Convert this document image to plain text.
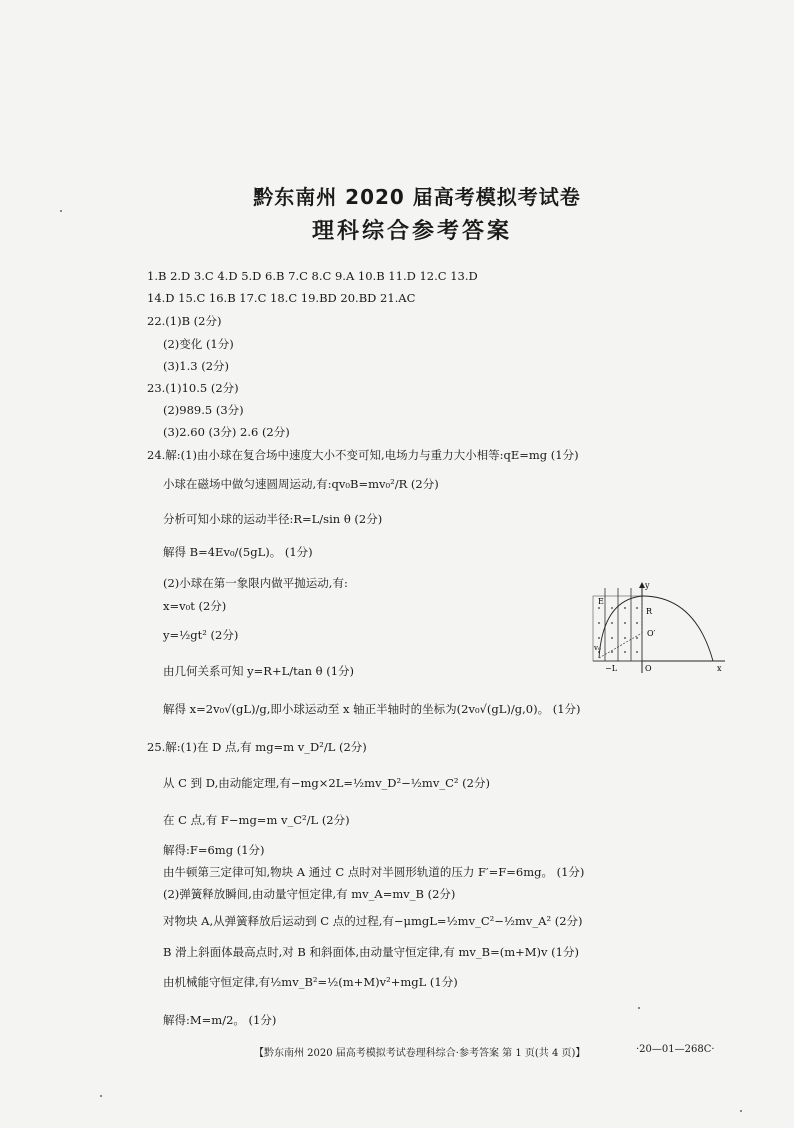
黔东南州 2020 届高考模拟考试卷
理科综合参考答案
1.B 2.D 3.C 4.D 5.D 6.B 7.C 8.C 9.A 10.B 11.D 12.C 13.D
14.D 15.C 16.B 17.C 18.C 19.BD 20.BD 21.AC
22.(1)B (2分)
(2)变化 (1分)
(3)1.3 (2分)
23.(1)10.5 (2分)
(2)989.5 (3分)
(3)2.60 (3分) 2.6 (2分)
24.解:(1)由小球在复合场中速度大小不变可知,电场力与重力大小相等:qE=mg (1分)
小球在磁场中做匀速圆周运动,有:qv₀B=mv₀²/R (2分)
分析可知小球的运动半径:R=L/sin θ (2分)
解得 B=4Ev₀/(5gL)。 (1分)
(2)小球在第一象限内做平抛运动,有:
x=v₀t (2分)
y=½gt² (2分)
由几何关系可知 y=R+L/tan θ (1分)
解得 x=2v₀√(gL)/g,即小球运动至 x 轴正半轴时的坐标为(2v₀√(gL)/g,0)。 (1分)
25.解:(1)在 D 点,有 mg=m v_D²/L (2分)
从 C 到 D,由动能定理,有−mg×2L=½mv_D²−½mv_C² (2分)
在 C 点,有 F−mg=m v_C²/L (2分)
解得:F=6mg (1分)
由牛顿第三定律可知,物块 A 通过 C 点时对半圆形轨道的压力 F′=F=6mg。 (1分)
(2)弹簧释放瞬间,由动量守恒定律,有 mv_A=mv_B (2分)
对物块 A,从弹簧释放后运动到 C 点的过程,有−μmgL=½mv_C²−½mv_A² (2分)
B 滑上斜面体最高点时,对 B 和斜面体,由动量守恒定律,有 mv_B=(m+M)v (1分)
由机械能守恒定律,有½mv_B²=½(m+M)v²+mgL (1分)
解得:M=m/2。 (1分)
y
E
v₀
R
O′
−L	O	x
【黔东南州 2020 届高考模拟考试卷理科综合·参考答案 第 1 页(共 4 页)】	·20—01—268C·
